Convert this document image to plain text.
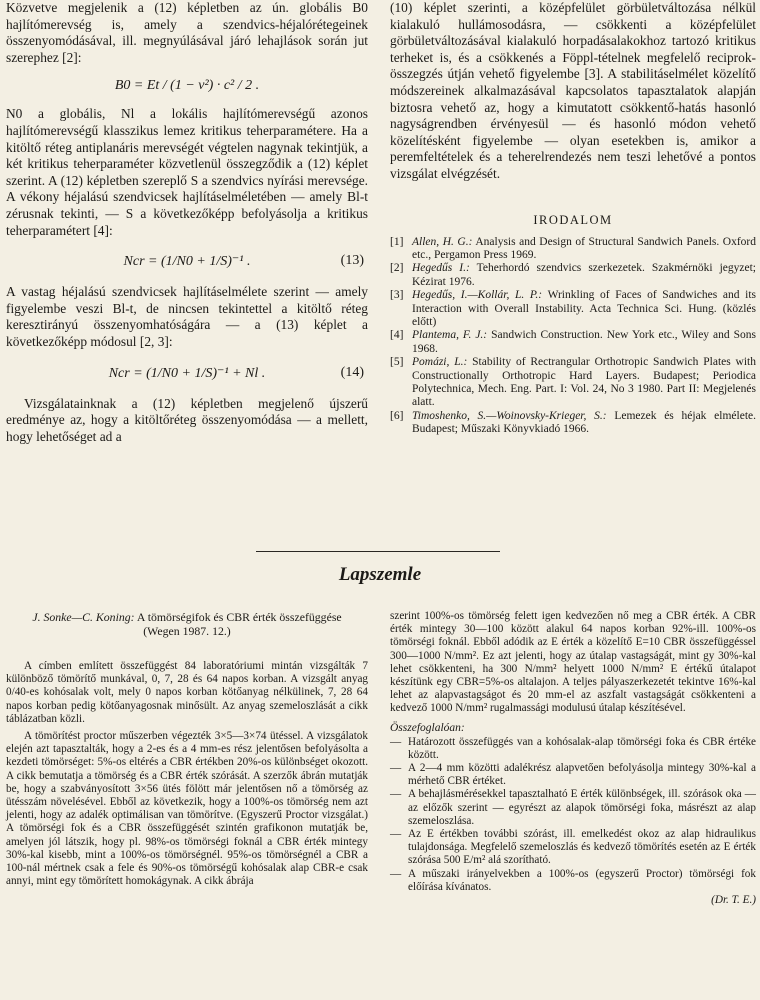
Közvetve megjelenik a (12) képletben az ún. globális B0 hajlítómerevség is, amely a szendvics-héjalórétegeinek összenyomódásával, ill. megnyúlásával járó lehajlások során jut szerephez [2]:

B0 = Et / (1 − ν²) · c² / 2 .

N0 a globális, Nl a lokális hajlítómerevségű azonos hajlítómerevségű klasszikus lemez kritikus teherparamétere. Ha a kitöltő réteg antiplanáris merevségét végtelen nagynak tekintjük, a két kritikus teherparaméter közvetlenül összegződik a (12) képlet szerint. A (12) képletben szereplő S a szendvics nyírási merevsége. A vékony héjalású szendvicsek hajlításelméletében — amely Bl-t zérusnak tekinti, — S a következőképp befolyásolja a kritikus teherparamétert [4]:

Ncr = (1/N0 + 1/S)⁻¹ .	(13)

A vastag héjalású szendvicsek hajlításelmélete szerint — amely figyelembe veszi Bl-t, de nincsen tekintettel a kitöltő réteg keresztirányú összenyomhatóságára — a (13) képlet a következőképp módosul [2, 3]:

Ncr = (1/N0 + 1/S)⁻¹ + Nl .	(14)

Vizsgálatainknak a (12) képletben megjelenő újszerű eredménye az, hogy a kitöltőréteg összenyomódása — a mellett, hogy lehetőséget ad a

(10) képlet szerinti, a középfelület görbületváltozása nélkül kialakuló hullámosodásra, — csökkenti a középfelület görbületváltozásával kialakuló horpadásalakokhoz tartozó kritikus terheket is, és a csökkenés a Föppl-tételnek megfelelő reciprok-összegzés útján vehető figyelembe [3]. A stabilitáselmélet közelítő módszereinek alkalmazásával kapcsolatos tapasztalatok alapján biztosra vehető az, hogy a kimutatott csökkentő-hatás hasonló nagyságrendben érvényesül — és hasonló módon vehető közelítésként figyelembe — olyan esetekben is, amikor a peremfeltételek és a teherelrendezés nem teszi lehetővé a pontos vizsgálat elvégzését.

IRODALOM
[1] Allen, H. G.: Analysis and Design of Structural Sandwich Panels. Oxford etc., Pergamon Press 1969.
[2] Hegedűs I.: Teherhordó szendvics szerkezetek. Szakmérnöki jegyzet; Kézirat 1976.
[3] Hegedűs, I.—Kollár, L. P.: Wrinkling of Faces of Sandwiches and its Interaction with Overall Instability. Acta Technica Sci. Hung. (közlés előtt)
[4] Plantema, F. J.: Sandwich Construction. New York etc., Wiley and Sons 1968.
[5] Pomázi, L.: Stability of Rectrangular Orthotropic Sandwich Plates with Constructionally Orthotropic Hard Layers. Budapest; Periodica Polytechnica, Mech. Eng. Part. I: Vol. 24, No 3 1980. Part II: Megjelenés alatt.
[6] Timoshenko, S.—Woinovsky-Krieger, S.: Lemezek és héjak elmélete. Budapest; Műszaki Könyvkiadó 1966.
Lapszemle
J. Sonke—C. Koning: A tömörségifok és CBR érték összefüggése
(Wegen 1987. 12.)

A címben említett összefüggést 84 laboratóriumi mintán vizsgálták 7 különböző tömörítő munkával, 0, 7, 28 és 64 napos korban. A vizsgált anyag 0/40-es kohósalak volt, mely 0 napos korban kötőanyag nélkülinek, 7, 28 64 napos korban pedig kötőanyagosnak minősült. Az anyag szemeloszlását a cikk táblázatban közli.

A tömörítést proctor műszerben végezték 3×5—3×74 ütéssel. A vizsgálatok elején azt tapasztalták, hogy a 2-es és a 4 mm-es rész jelentősen befolyásolta a kezdeti tömörséget: 5%-os eltérés a CBR értékben 20%-os különbséget okozott. A cikk bemutatja a tömörség és a CBR érték szórását. A szerzők ábrán mutatják be, hogy a szabványosított 3×56 ütés fölött már jelentősen nő a tömörség az ütésszám növelésével. Ebből az következik, hogy a 100%-os tömörség nem azt jelenti, hogy az adalék optimálisan van tömörítve. (Egyszerű Proctor vizsgálat.) A tömörségi fok és a CBR összefüggését szintén grafikonon mutatják be, amelyen jól látszik, hogy pl. 98%-os tömörségi foknál a CBR érték mintegy 30%-kal kisebb, mint a 100%-os tömörségnél. 95%-os tömörségnél a CBR a 100-nál mértnek csak a fele és 90%-os tömörségű kohósalak alap CBR-e csak annyi, mint egy tömörített homokágynak. A cikk ábrája

szerint 100%-os tömörség felett igen kedvezően nő meg a CBR érték. A CBR érték mintegy 30—100 között alakul 64 napos korban 92%-ill. 100%-os tömörségi foknál. Ebből adódik az E érték a közelítő E=10 CBR összefüggéssel 300—1000 N/mm². Ez azt jelenti, hogy az útalap vastagságát, mint gy 30%-kal lehet csökkenteni, ha 300 N/mm² helyett 1000 N/mm² E értékű útalapot készítünk egy CBR=5%-os altalajon. A teljes pályaszerkezetét tekintve 16%-kal lehet az alapvastagságot és 20 mm-el az aszfalt vastagságát csökkenteni a kedvező 1000 N/mm² rugalmassági modulusú útalap készítésével.

Összefoglalóan:
— Határozott összefüggés van a kohósalak-alap tömörségi foka és CBR értéke között.
— A 2—4 mm közötti adalékrész alapvetően befolyásolja mintegy 30%-kal a mérhető CBR értéket.
— A behajlásmérésekkel tapasztalható E érték különbségek, ill. szórások oka — az előzők szerint — egyrészt az alapok tömörségi foka, másrészt az alap szemeloszlása.
— Az E értékben további szórást, ill. emelkedést okoz az alap hidraulikus tulajdonsága. Megfelelő szemeloszlás és kedvező tömörítés esetén az E érték szórása 500 E/m² alá szorítható.
— A műszaki irányelvekben a 100%-os (egyszerű Proctor) tömörségi fok előírása kívánatos.
(Dr. T. E.)
